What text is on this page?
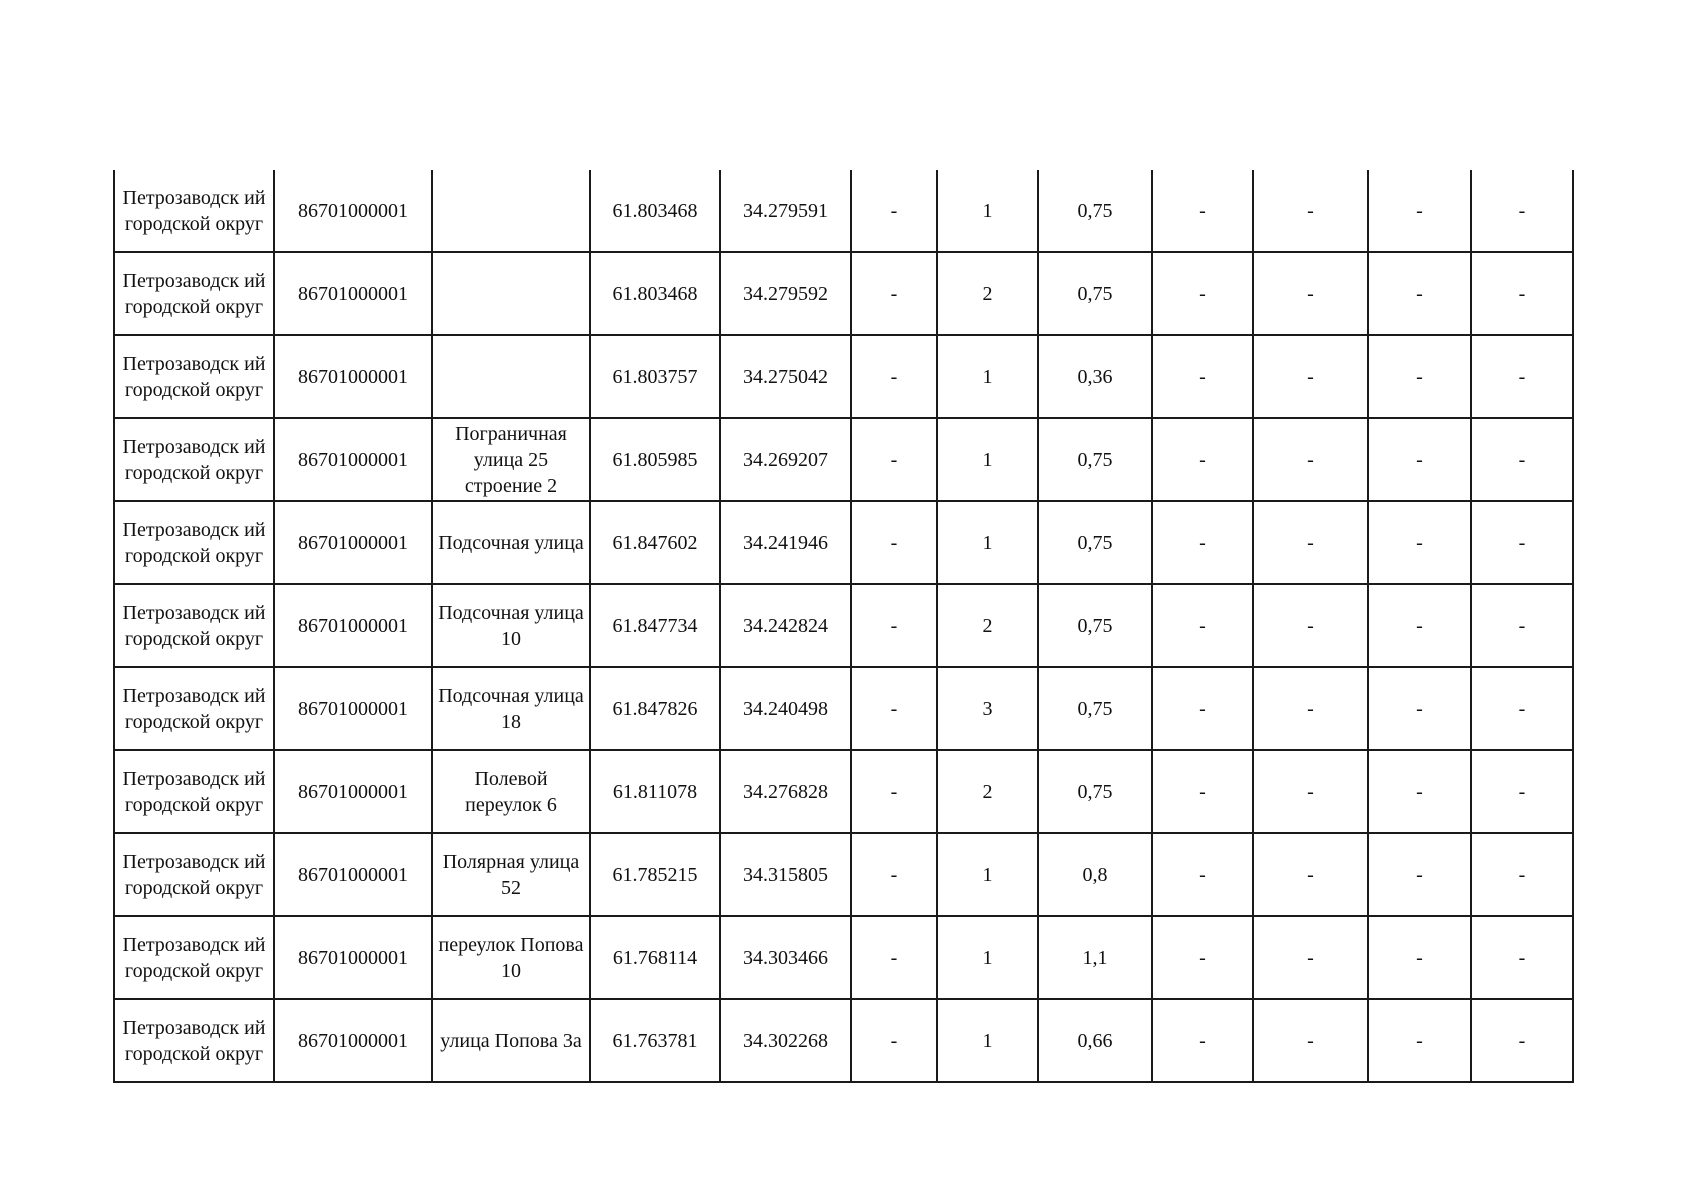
Петрозаводск ий городской округ	86701000001		61.803468	34.279591	-	1	0,75	-	-	-	-

Петрозаводск ий городской округ	86701000001		61.803468	34.279592	-	2	0,75	-	-	-	-

Петрозаводск ий городской округ	86701000001		61.803757	34.275042	-	1	0,36	-	-	-	-

Петрозаводск ий городской округ	86701000001	Пограничная улица 25 строение 2	61.805985	34.269207	-	1	0,75	-	-	-	-

Петрозаводск ий городской округ	86701000001	Подсочная улица	61.847602	34.241946	-	1	0,75	-	-	-	-

Петрозаводск ий городской округ	86701000001	Подсочная улица 10	61.847734	34.242824	-	2	0,75	-	-	-	-

Петрозаводск ий городской округ	86701000001	Подсочная улица 18	61.847826	34.240498	-	3	0,75	-	-	-	-

Петрозаводск ий городской округ	86701000001	Полевой переулок 6	61.811078	34.276828	-	2	0,75	-	-	-	-

Петрозаводск ий городской округ	86701000001	Полярная улица 52	61.785215	34.315805	-	1	0,8	-	-	-	-

Петрозаводск ий городской округ	86701000001	переулок Попова 10	61.768114	34.303466	-	1	1,1	-	-	-	-

Петрозаводск ий городской округ	86701000001	улица Попова 3а	61.763781	34.302268	-	1	0,66	-	-	-	-
